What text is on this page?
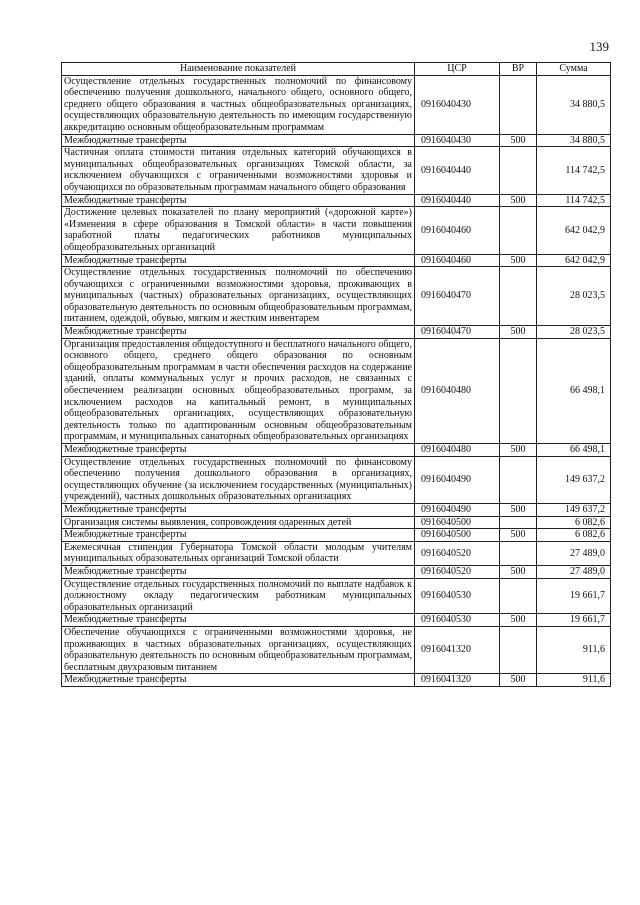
139
Наименование показателей	ЦСР	ВР	Сумма
Осуществление отдельных государственных полномочий по финансовому обеспечению получения дошкольного, начального общего, основного общего, среднего общего образования в частных общеобразовательных организациях, осуществляющих образовательную деятельность по имеющим государственную аккредитацию основным общеобразовательным программам	0916040430		34 880,5
Межбюджетные трансферты	0916040430	500	34 880,5
Частичная оплата стоимости питания отдельных категорий обучающихся в муниципальных общеобразовательных организациях Томской области, за исключением обучающихся с ограниченными возможностями здоровья и обучающихся по образовательным программам начального общего образования	0916040440		114 742,5
Межбюджетные трансферты	0916040440	500	114 742,5
Достижение целевых показателей по плану мероприятий («дорожной карте») «Изменения в сфере образования в Томской области» в части повышения заработной платы педагогических работников муниципальных общеобразовательных организаций	0916040460		642 042,9
Межбюджетные трансферты	0916040460	500	642 042,9
Осуществление отдельных государственных полномочий по обеспечению обучающихся с ограниченными возможностями здоровья, проживающих в муниципальных (частных) образовательных организациях, осуществляющих образовательную деятельность по основным общеобразовательным программам, питанием, одеждой, обувью, мягким и жестким инвентарем	0916040470		28 023,5
Межбюджетные трансферты	0916040470	500	28 023,5
Организация предоставления общедоступного и бесплатного начального общего, основного общего, среднего общего образования по основным общеобразовательным программам в части обеспечения расходов на содержание зданий, оплаты коммунальных услуг и прочих расходов, не связанных с обеспечением реализации основных общеобразовательных программ, за исключением расходов на капитальный ремонт, в муниципальных общеобразовательных организациях, осуществляющих образовательную деятельность только по адаптированным основным общеобразовательным программам, и муниципальных санаторных общеобразовательных организациях	0916040480		66 498,1
Межбюджетные трансферты	0916040480	500	66 498,1
Осуществление отдельных государственных полномочий по финансовому обеспечению получения дошкольного образования в организациях, осуществляющих обучение (за исключением государственных (муниципальных) учреждений), частных дошкольных образовательных организациях	0916040490		149 637,2
Межбюджетные трансферты	0916040490	500	149 637,2
Организация системы выявления, сопровождения одаренных детей	0916040500		6 082,6
Межбюджетные трансферты	0916040500	500	6 082,6
Ежемесячная стипендия Губернатора Томской области молодым учителям муниципальных образовательных организаций Томской области	0916040520		27 489,0
Межбюджетные трансферты	0916040520	500	27 489,0
Осуществление отдельных государственных полномочий по выплате надбавок к должностному окладу педагогическим работникам муниципальных образовательных организаций	0916040530		19 661,7
Межбюджетные трансферты	0916040530	500	19 661,7
Обеспечение обучающихся с ограниченными возможностями здоровья, не проживающих в частных образовательных организациях, осуществляющих образовательную деятельность по основным общеобразовательным программам, бесплатным двухразовым питанием	0916041320		911,6
Межбюджетные трансферты	0916041320	500	911,6
